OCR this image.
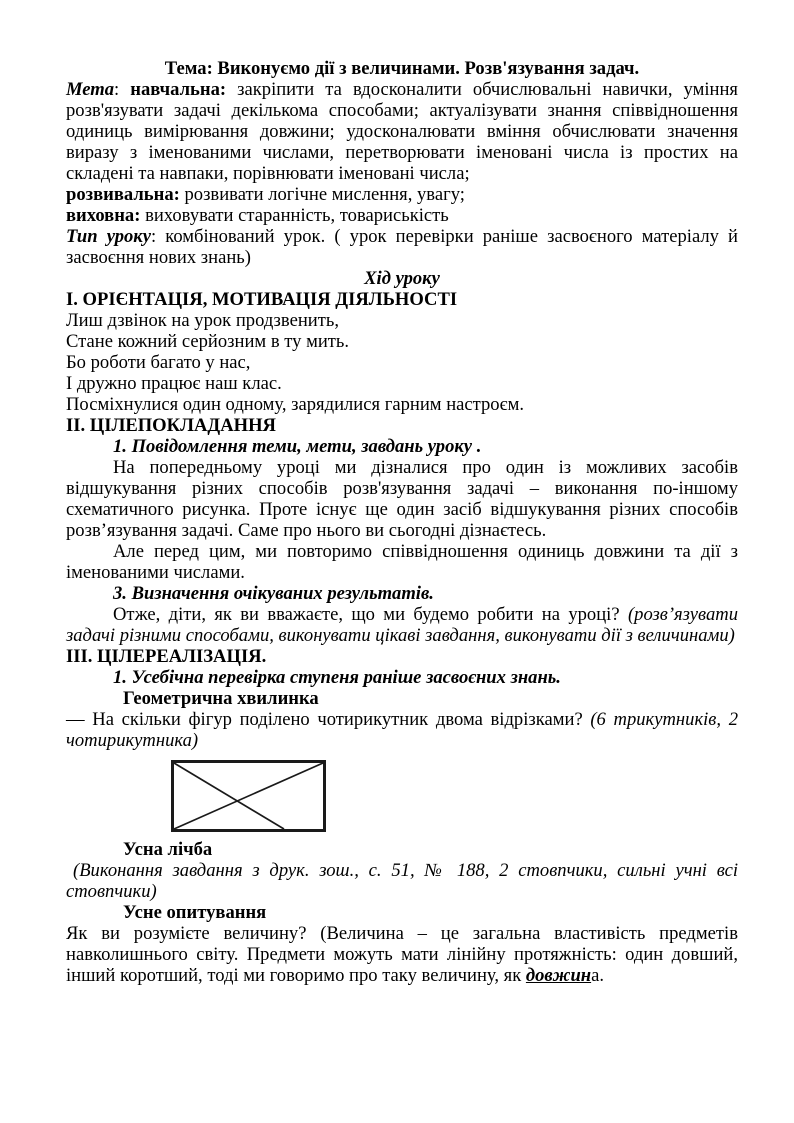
Тема: Виконуємо дії з величинами. Розв'язування задач.
Мета: навчальна: закріпити та вдосконалити обчислювальні навички, уміння розв'язувати задачі декількома способами; актуалізувати знання співвідношення одиниць вимірювання довжини; удосконалювати вміння обчислювати значення виразу з іменованими числами, перетворювати іменовані числа із простих на складені та навпаки, порівнювати іменовані числа;
розвивальна: розвивати логічне мислення, увагу;
виховна: виховувати старанність, товариськість
Тип уроку: комбінований урок. ( урок перевірки раніше засвоєного матеріалу й засвоєння нових знань)
Хід уроку
І. ОРІЄНТАЦІЯ, МОТИВАЦІЯ ДІЯЛЬНОСТІ
Лиш дзвінок на урок продзвенить,
Стане кожний серйозним в ту мить.
Бо роботи багато у нас,
І дружно працює наш клас.
Посміхнулися один одному, зарядилися гарним настроєм.
ІІ. ЦІЛЕПОКЛАДАННЯ
1. Повідомлення теми, мети, завдань уроку .
На попередньому уроці ми дізналися про один із можливих засобів відшукування різних способів розв'язування задачі – виконання по-іншому схематичного рисунка. Проте існує ще один засіб відшукування різних способів розв’язування задачі. Саме про нього ви сьогодні дізнаєтесь.
Але перед цим, ми повторимо співвідношення одиниць довжини та дії з іменованими числами.
3. Визначення очікуваних результатів.
Отже, діти, як ви вважаєте, що ми будемо робити на уроці? (розв’язувати задачі різними способами, виконувати цікаві завдання, виконувати дії з величинами)
ІІІ. ЦІЛЕРЕАЛІЗАЦІЯ.
1. Усебічна перевірка ступеня раніше засвоєних знань.
Геометрична хвилинка
— На скільки фігур поділено чотирикутник двома відрізками? (6 трикутників, 2 чотирикутника)
Усна лічба
(Виконання завдання з друк. зош., с. 51, № 188, 2 стовпчики, сильні учні всі стовпчики)
Усне опитування
Як ви розумієте величину? (Величина – це загальна властивість предметів навколишнього світу. Предмети можуть мати лінійну протяжність: один довший, інший коротший, тоді ми говоримо про таку величину, як довжина.
